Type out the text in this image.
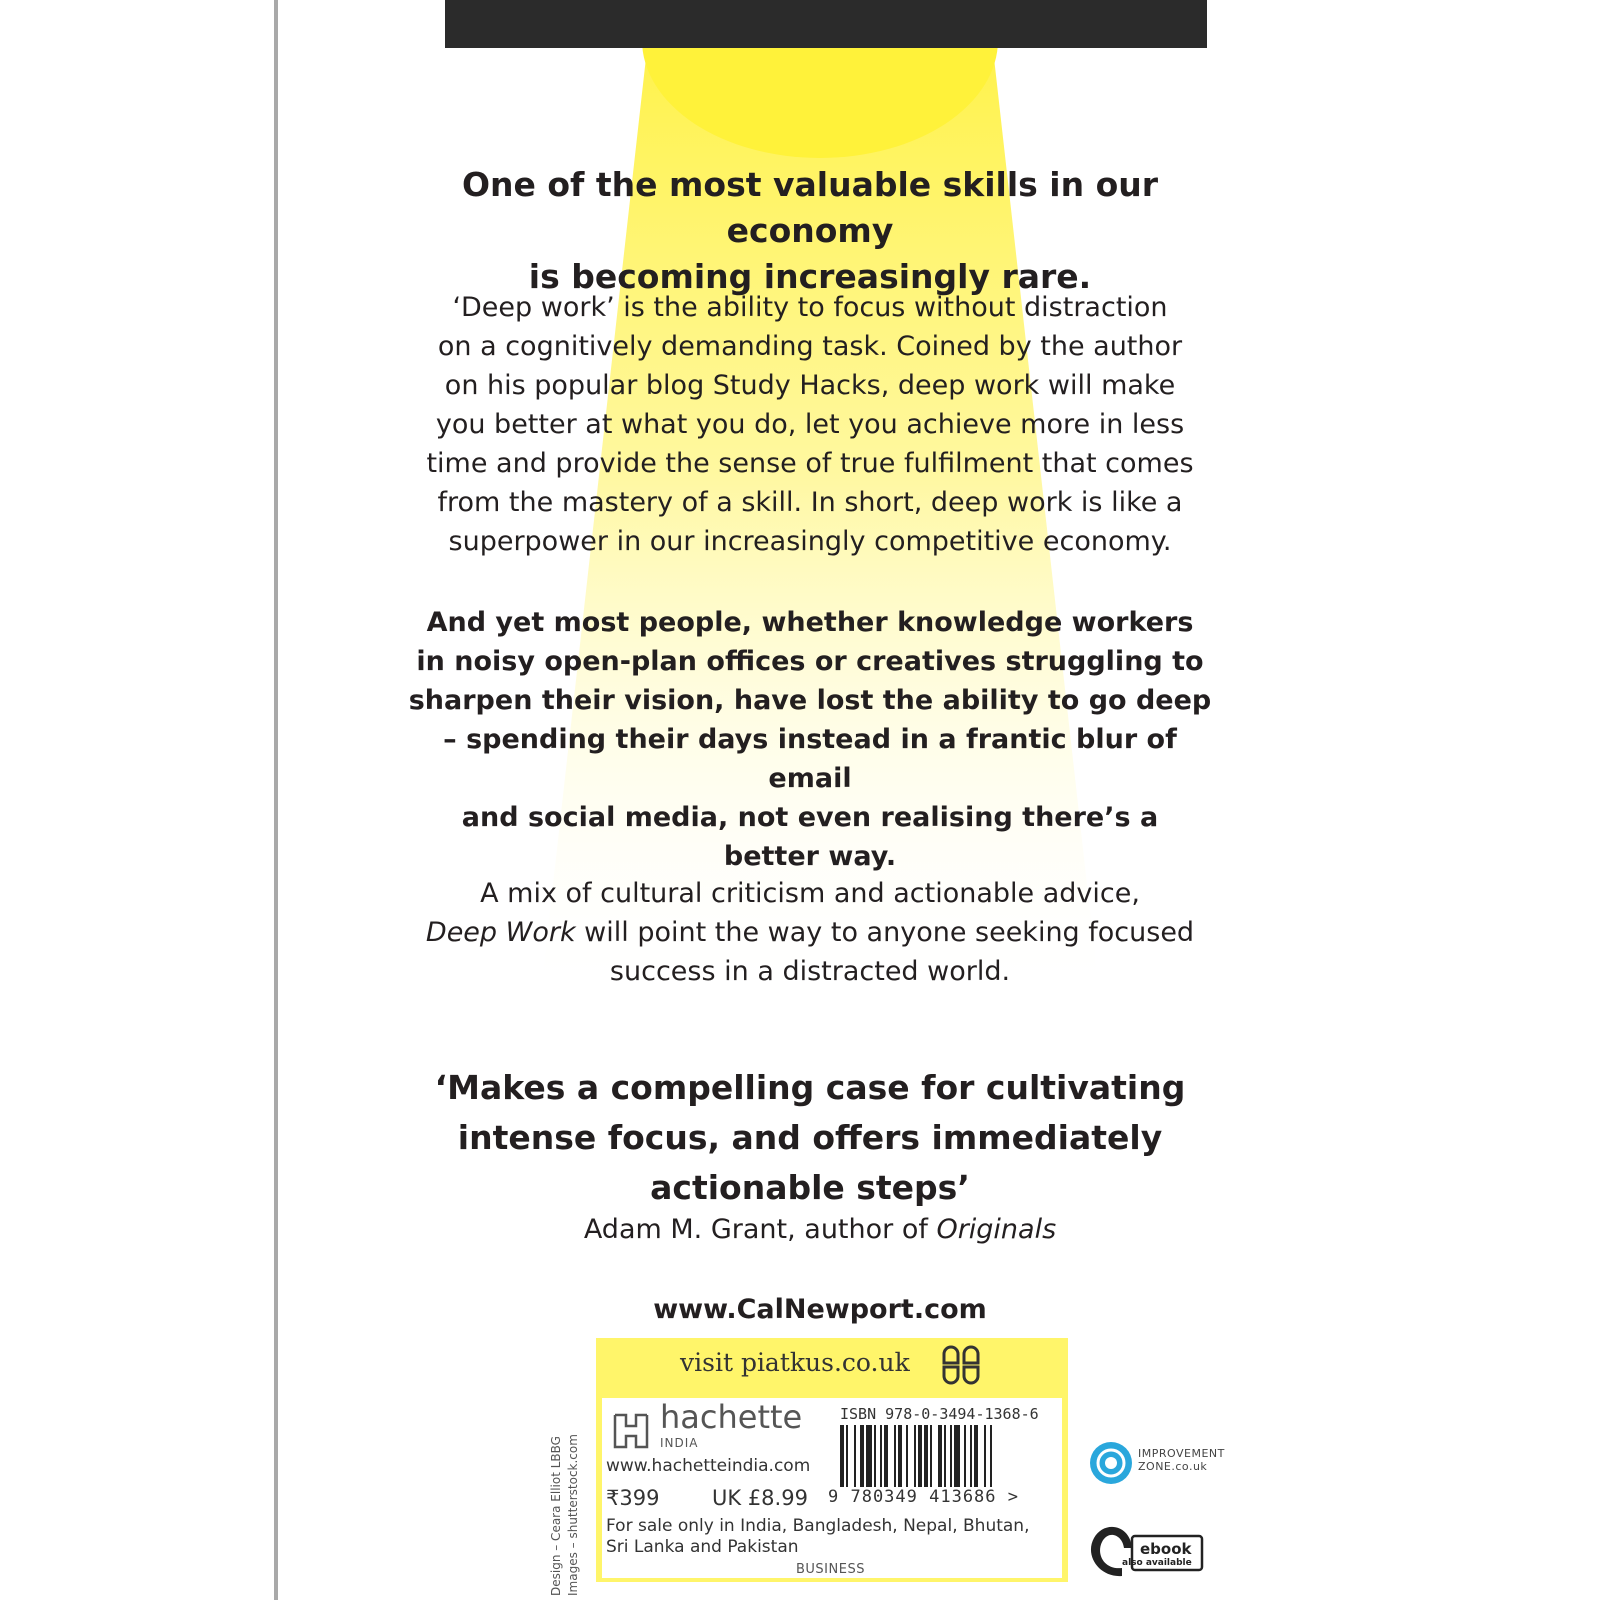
One of the most valuable skills in our economy
is becoming increasingly rare.
‘Deep work’ is the ability to focus without distraction
on a cognitively demanding task. Coined by the author
on his popular blog Study Hacks, deep work will make
you better at what you do, let you achieve more in less
time and provide the sense of true fulfilment that comes
from the mastery of a skill. In short, deep work is like a
superpower in our increasingly competitive economy.
And yet most people, whether knowledge workers
in noisy open-plan offices or creatives struggling to
sharpen their vision, have lost the ability to go deep
– spending their days instead in a frantic blur of email
and social media, not even realising there’s a
better way.
A mix of cultural criticism and actionable advice,
Deep Work will point the way to anyone seeking focused
success in a distracted world.
‘Makes a compelling case for cultivating
intense focus, and offers immediately
actionable steps’
Adam M. Grant, author of Originals
www.CalNewport.com
visit piatkus.co.uk
hachette
INDIA
www.hachetteindia.com
₹399	UK £8.99
For sale only in India, Bangladesh, Nepal, Bhutan, Sri Lanka and Pakistan
BUSINESS
ISBN 978-0-3494-1368-6
9 780349 413686 >
Design – Ceara Elliot LBBG Images – shutterstock.com	IMPROVEMENT
ZONE.co.uk
ebook
also available
